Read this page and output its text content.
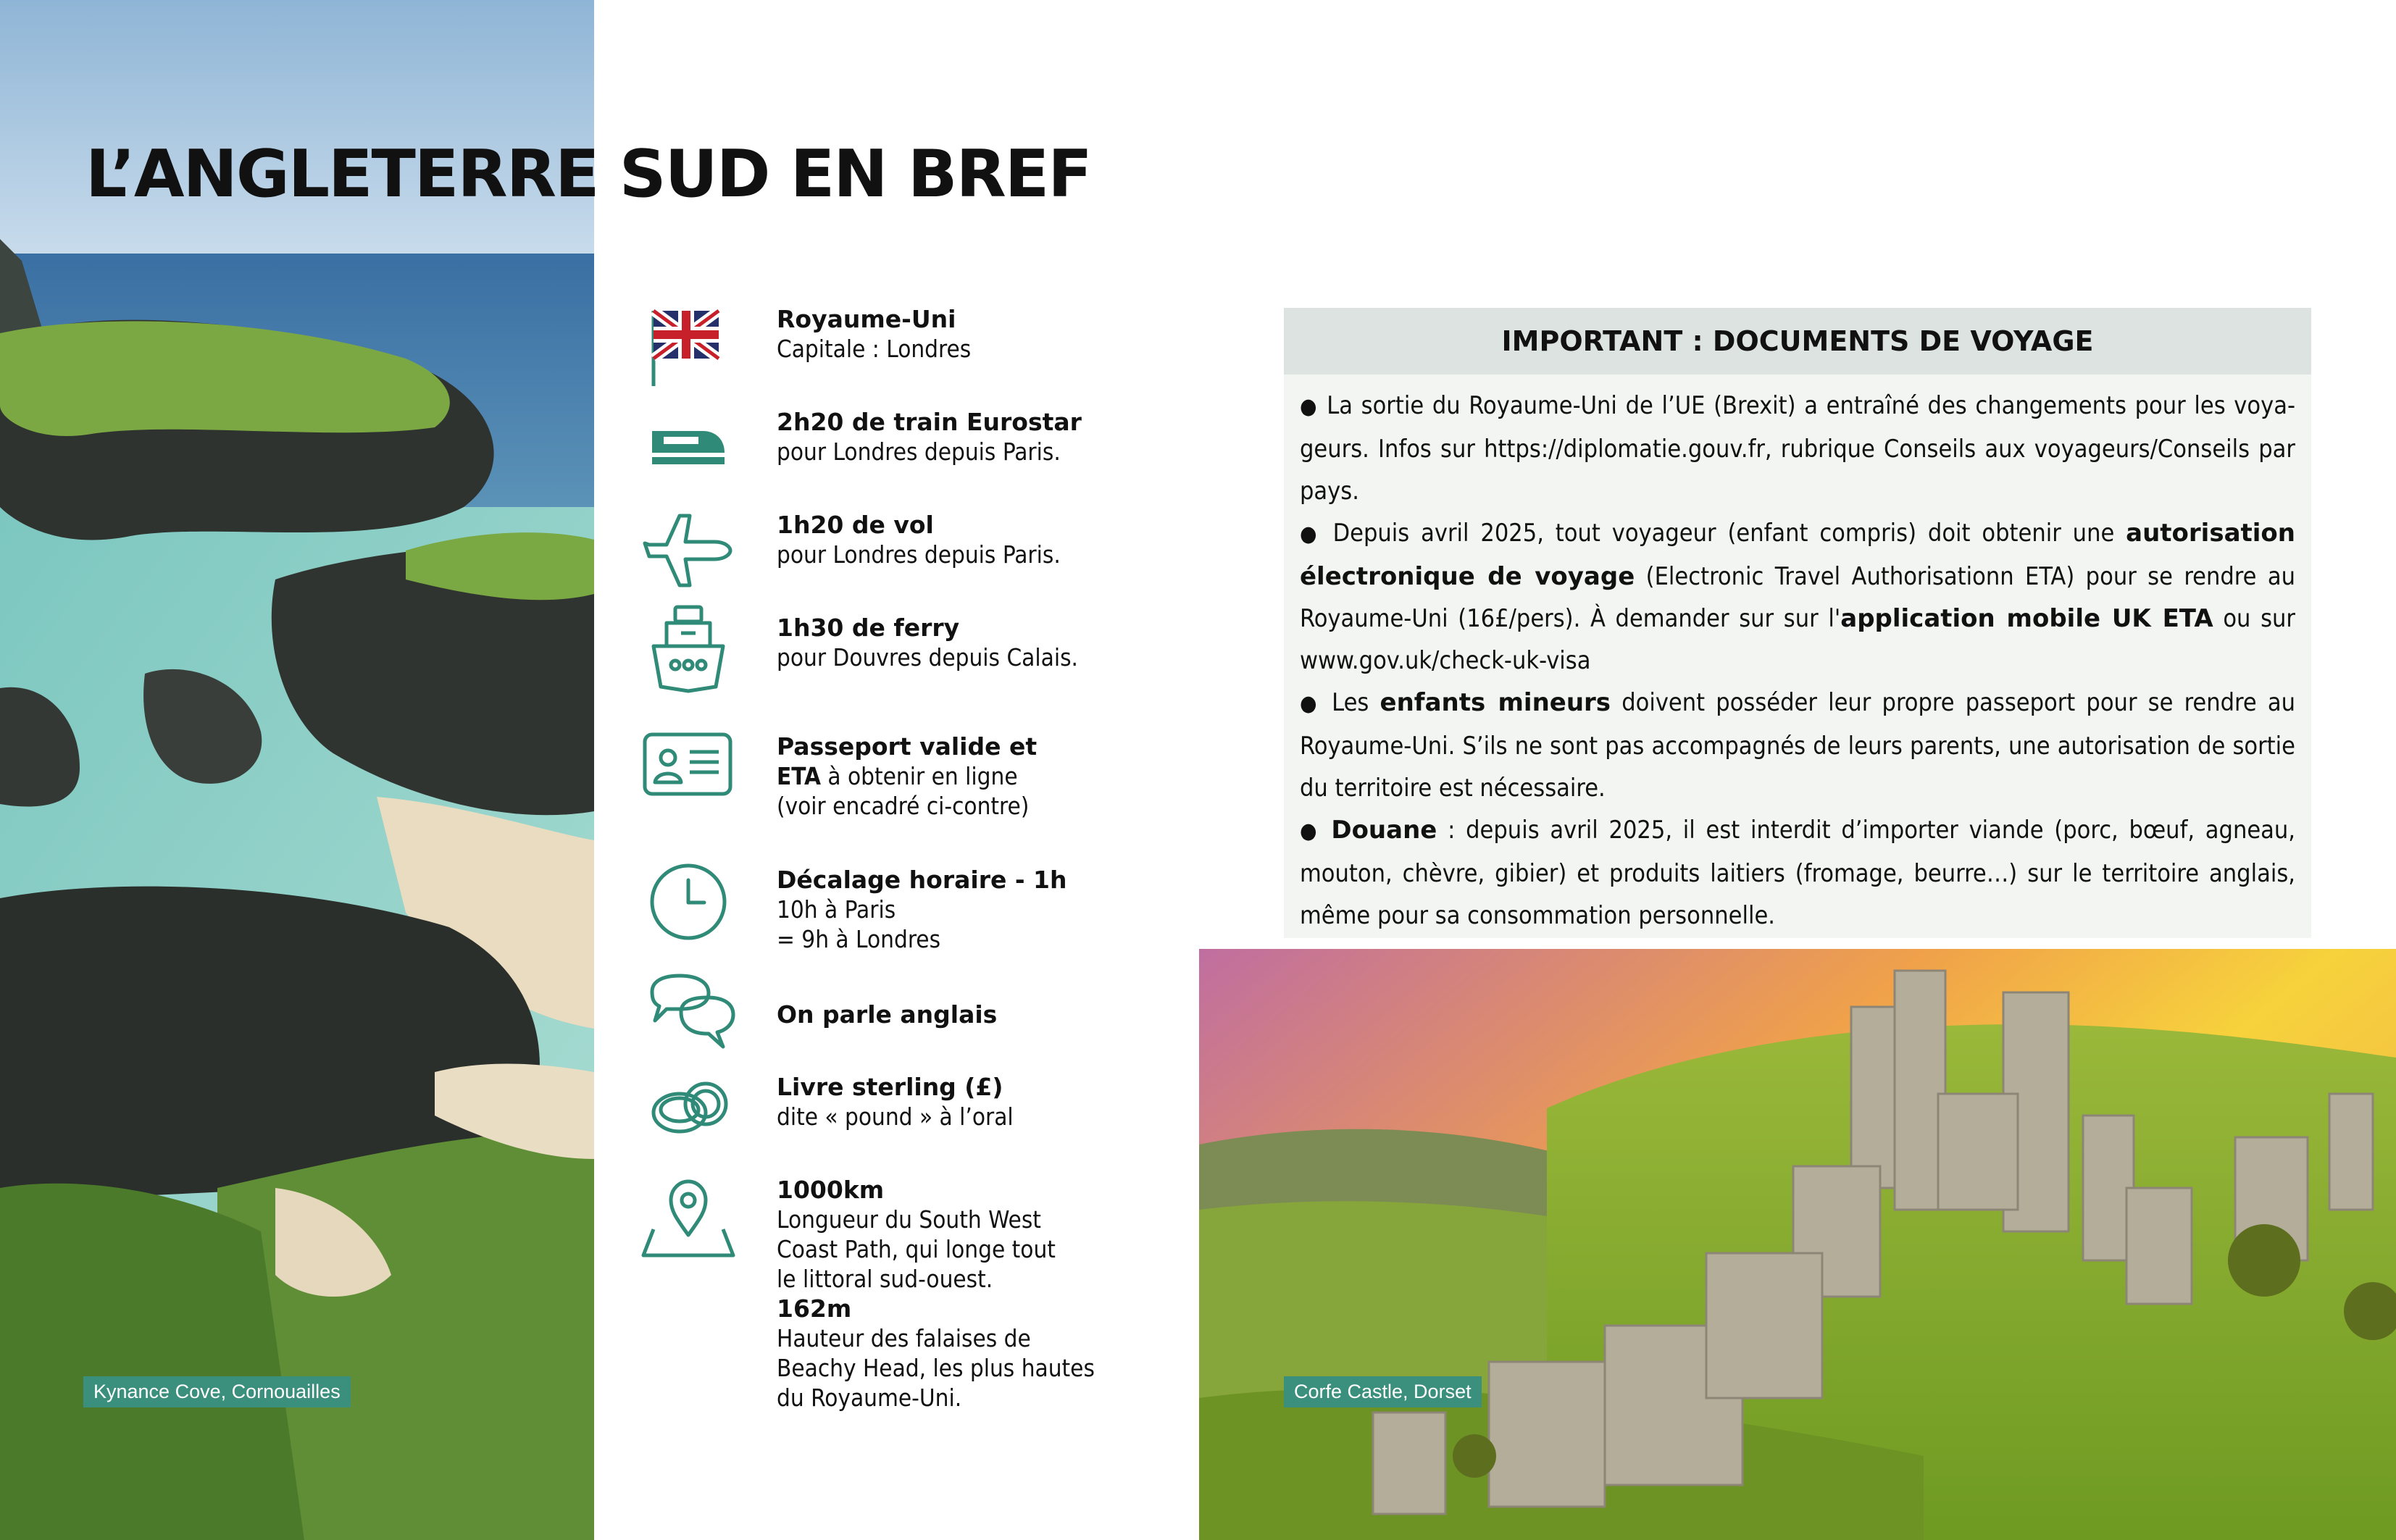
Kynance Cove, Cornouailles	Corfe Castle, Dorset
L’ANGLETERRE SUD EN BREF
Royaume-Uni
Capitale : Londres
2h20 de train Eurostar
pour Londres depuis Paris.
1h20 de vol
pour Londres depuis Paris.
1h30 de ferry
pour Douvres depuis Calais.
Passeport valide et
ETA à obtenir en ligne
(voir encadré ci-contre)
Décalage horaire - 1h
10h à Paris
= 9h à Londres
On parle anglais
Livre sterling (£)
dite « pound » à l’oral
1000km
Longueur du South West
Coast Path, qui longe tout
le littoral sud-ouest.
162m
Hauteur des falaises de
Beachy Head, les plus hautes
du Royaume-Uni.
IMPORTANT : DOCUMENTS DE VOYAGE

● La sortie du Royaume-Uni de l’UE (Brexit) a entraîné des changements pour les voyageurs. Infos sur https://diplomatie.gouv.fr, rubrique Conseils aux voyageurs/Conseils par pays.

● Depuis avril 2025, tout voyageur (enfant compris) doit obtenir une autorisation électronique de voyage (Electronic Travel Authorisationn ETA) pour se rendre au Royaume-Uni (16£/pers). À demander sur sur l'application mobile UK ETA ou sur www.gov.uk/check-uk-visa

● Les enfants mineurs doivent posséder leur propre passeport pour se rendre au Royaume-Uni. S’ils ne sont pas accompagnés de leurs parents, une autorisation de sortie du territoire est nécessaire.

● Douane : depuis avril 2025, il est interdit d’importer viande (porc, bœuf, agneau, mouton, chèvre, gibier) et produits laitiers (fromage, beurre…) sur le territoire anglais, même pour sa consommation personnelle.
